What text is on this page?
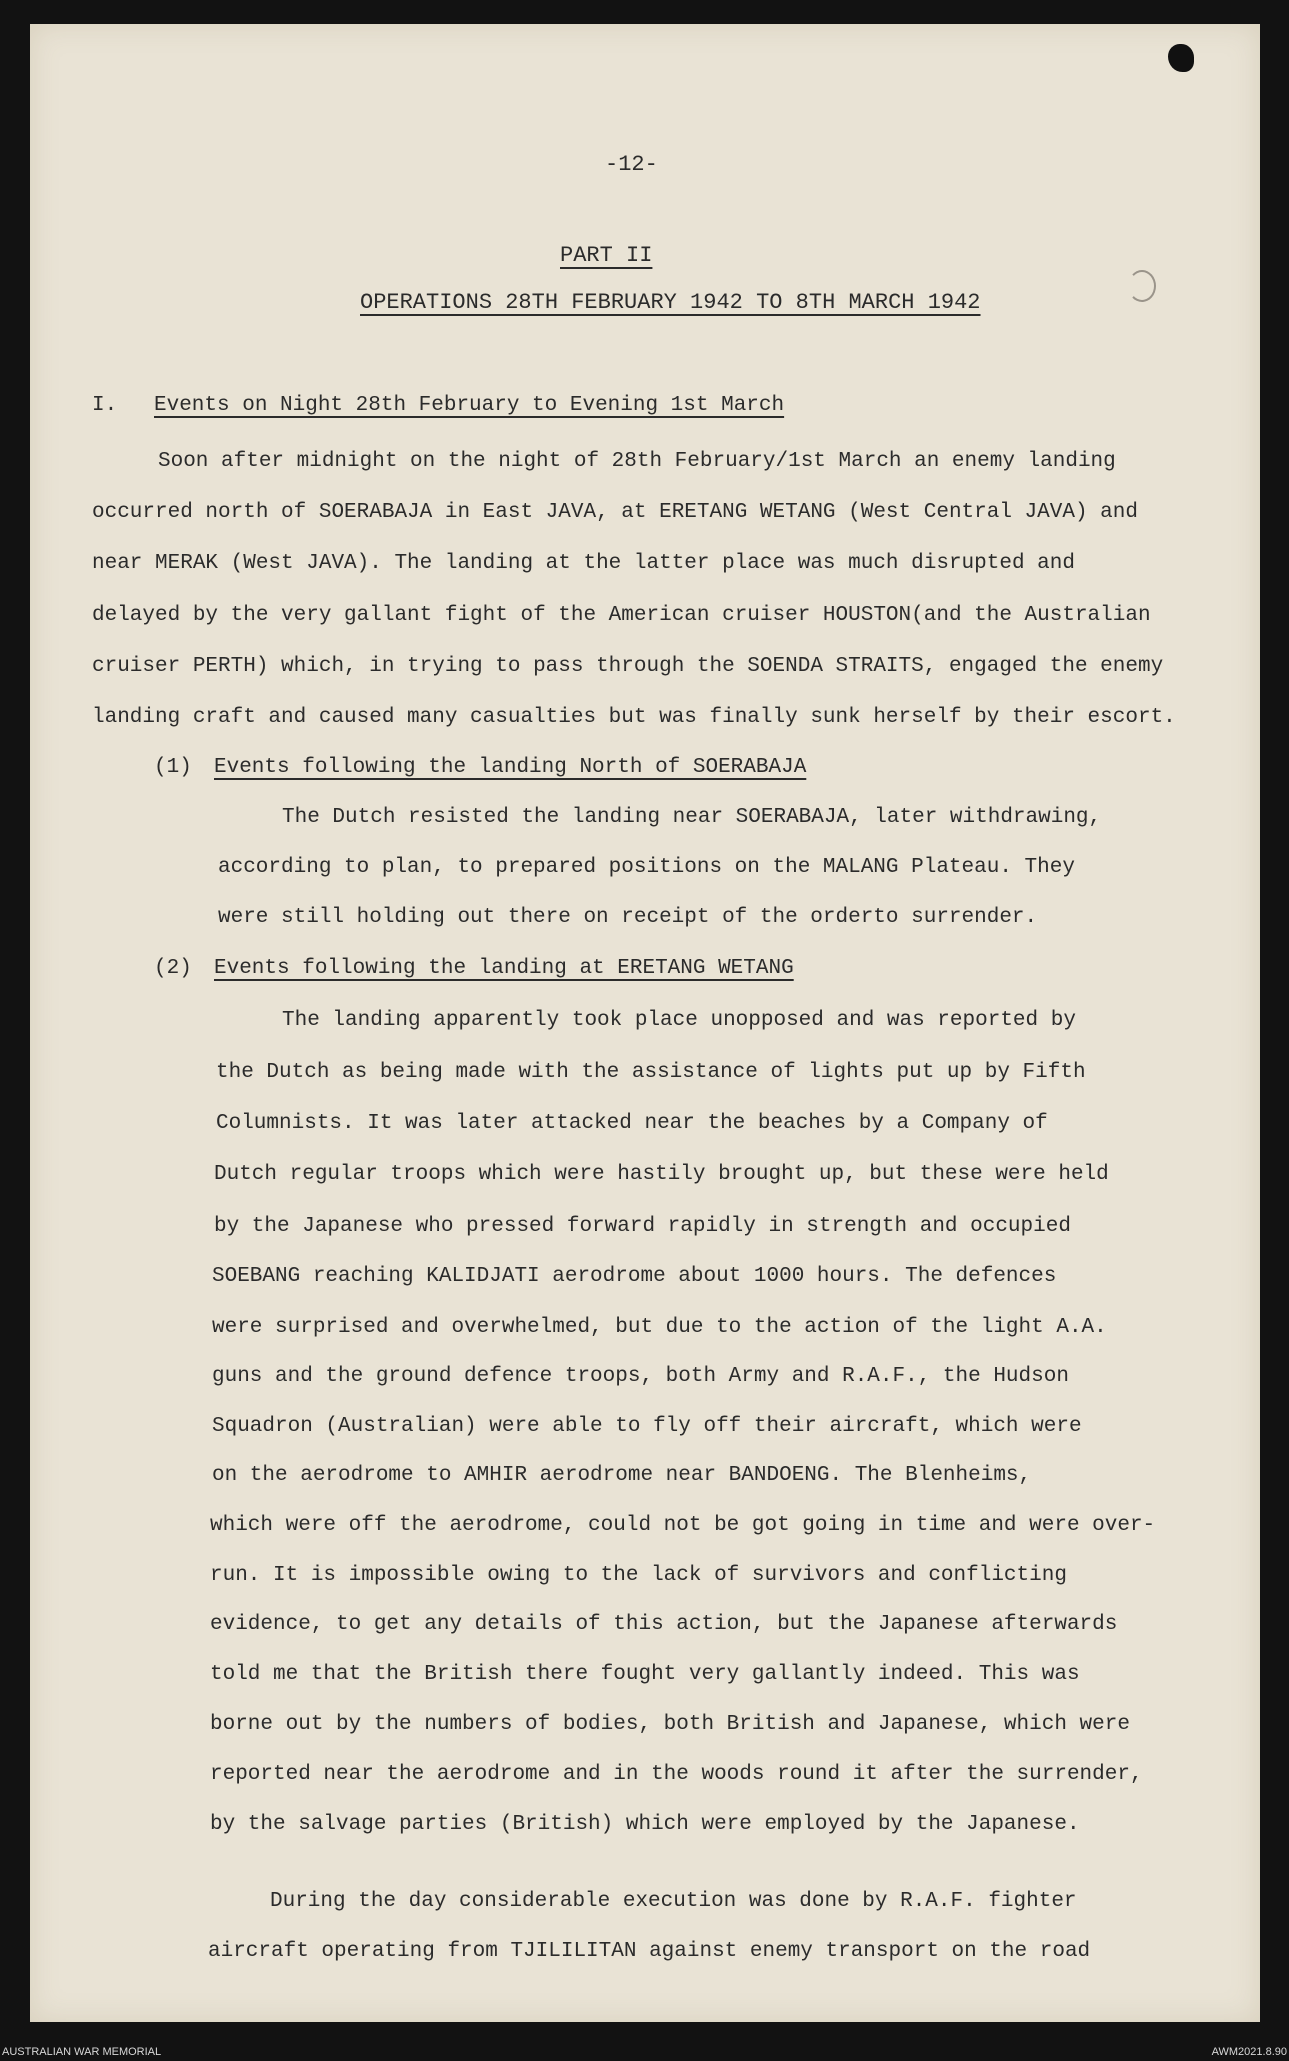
-12-
PART II
OPERATIONS 28TH FEBRUARY 1942 TO 8TH MARCH 1942
I. Events on Night 28th February to Evening 1st March
Soon after midnight on the night of 28th February/1st March an enemy landing
occurred north of SOERABAJA in East JAVA, at ERETANG WETANG (West Central JAVA) and
near MERAK (West JAVA). The landing at the latter place was much disrupted and
delayed by the very gallant fight of the American cruiser HOUSTON(and the Australian
cruiser PERTH) which, in trying to pass through the SOENDA STRAITS, engaged the enemy
landing craft and caused many casualties but was finally sunk herself by their escort.
(1) Events following the landing North of SOERABAJA
The Dutch resisted the landing near SOERABAJA, later withdrawing,
according to plan, to prepared positions on the MALANG Plateau. They
were still holding out there on receipt of the orderto surrender.
(2) Events following the landing at ERETANG WETANG
The landing apparently took place unopposed and was reported by
the Dutch as being made with the assistance of lights put up by Fifth
Columnists. It was later attacked near the beaches by a Company of
Dutch regular troops which were hastily brought up, but these were held
by the Japanese who pressed forward rapidly in strength and occupied
SOEBANG reaching KALIDJATI aerodrome about 1000 hours. The defences
were surprised and overwhelmed, but due to the action of the light A.A.
guns and the ground defence troops, both Army and R.A.F., the Hudson
Squadron (Australian) were able to fly off their aircraft, which were
on the aerodrome to AMHIR aerodrome near BANDOENG. The Blenheims,
which were off the aerodrome, could not be got going in time and were over-
run. It is impossible owing to the lack of survivors and conflicting
evidence, to get any details of this action, but the Japanese afterwards
told me that the British there fought very gallantly indeed. This was
borne out by the numbers of bodies, both British and Japanese, which were
reported near the aerodrome and in the woods round it after the surrender,
by the salvage parties (British) which were employed by the Japanese.
During the day considerable execution was done by R.A.F. fighter
aircraft operating from TJILILITAN against enemy transport on the road
AUSTRALIAN WAR MEMORIAL	AWM2021.8.90
